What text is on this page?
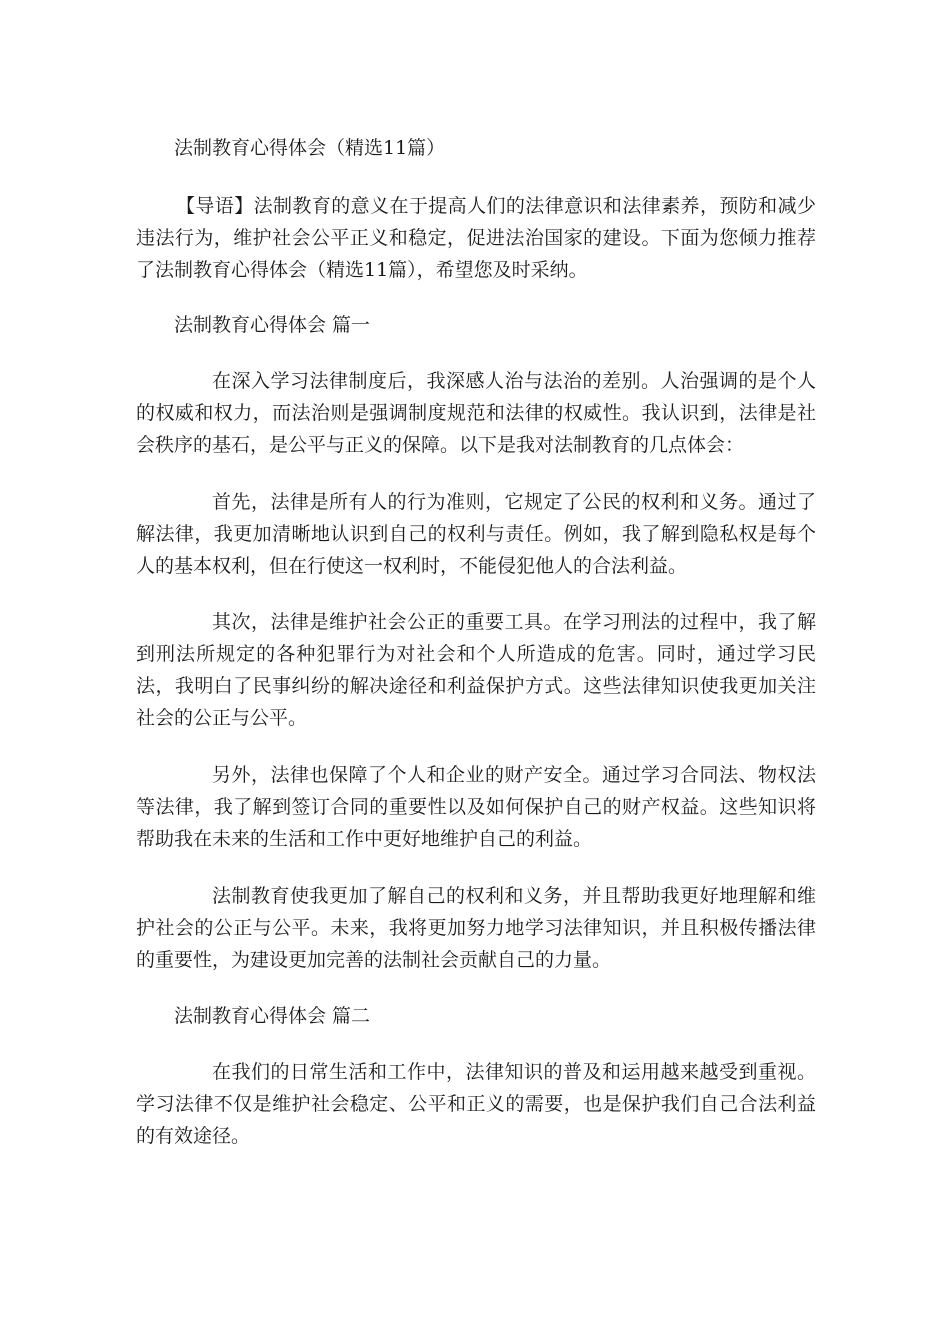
法制教育心得体会（精选11篇）
【导语】法制教育的意义在于提高人们的法律意识和法律素养，预防和减少违法行为，维护社会公平正义和稳定，促进法治国家的建设。下面为您倾力推荐了法制教育心得体会（精选11篇），希望您及时采纳。
法制教育心得体会 篇一
在深入学习法律制度后，我深感人治与法治的差别。人治强调的是个人的权威和权力，而法治则是强调制度规范和法律的权威性。我认识到，法律是社会秩序的基石，是公平与正义的保障。以下是我对法制教育的几点体会：
首先，法律是所有人的行为准则，它规定了公民的权利和义务。通过了解法律，我更加清晰地认识到自己的权利与责任。例如，我了解到隐私权是每个人的基本权利，但在行使这一权利时，不能侵犯他人的合法利益。
其次，法律是维护社会公正的重要工具。在学习刑法的过程中，我了解到刑法所规定的各种犯罪行为对社会和个人所造成的危害。同时，通过学习民法，我明白了民事纠纷的解决途径和利益保护方式。这些法律知识使我更加关注社会的公正与公平。
另外，法律也保障了个人和企业的财产安全。通过学习合同法、物权法等法律，我了解到签订合同的重要性以及如何保护自己的财产权益。这些知识将帮助我在未来的生活和工作中更好地维护自己的利益。
法制教育使我更加了解自己的权利和义务，并且帮助我更好地理解和维护社会的公正与公平。未来，我将更加努力地学习法律知识，并且积极传播法律的重要性，为建设更加完善的法制社会贡献自己的力量。
法制教育心得体会 篇二
在我们的日常生活和工作中，法律知识的普及和运用越来越受到重视。学习法律不仅是维护社会稳定、公平和正义的需要，也是保护我们自己合法利益的有效途径。
